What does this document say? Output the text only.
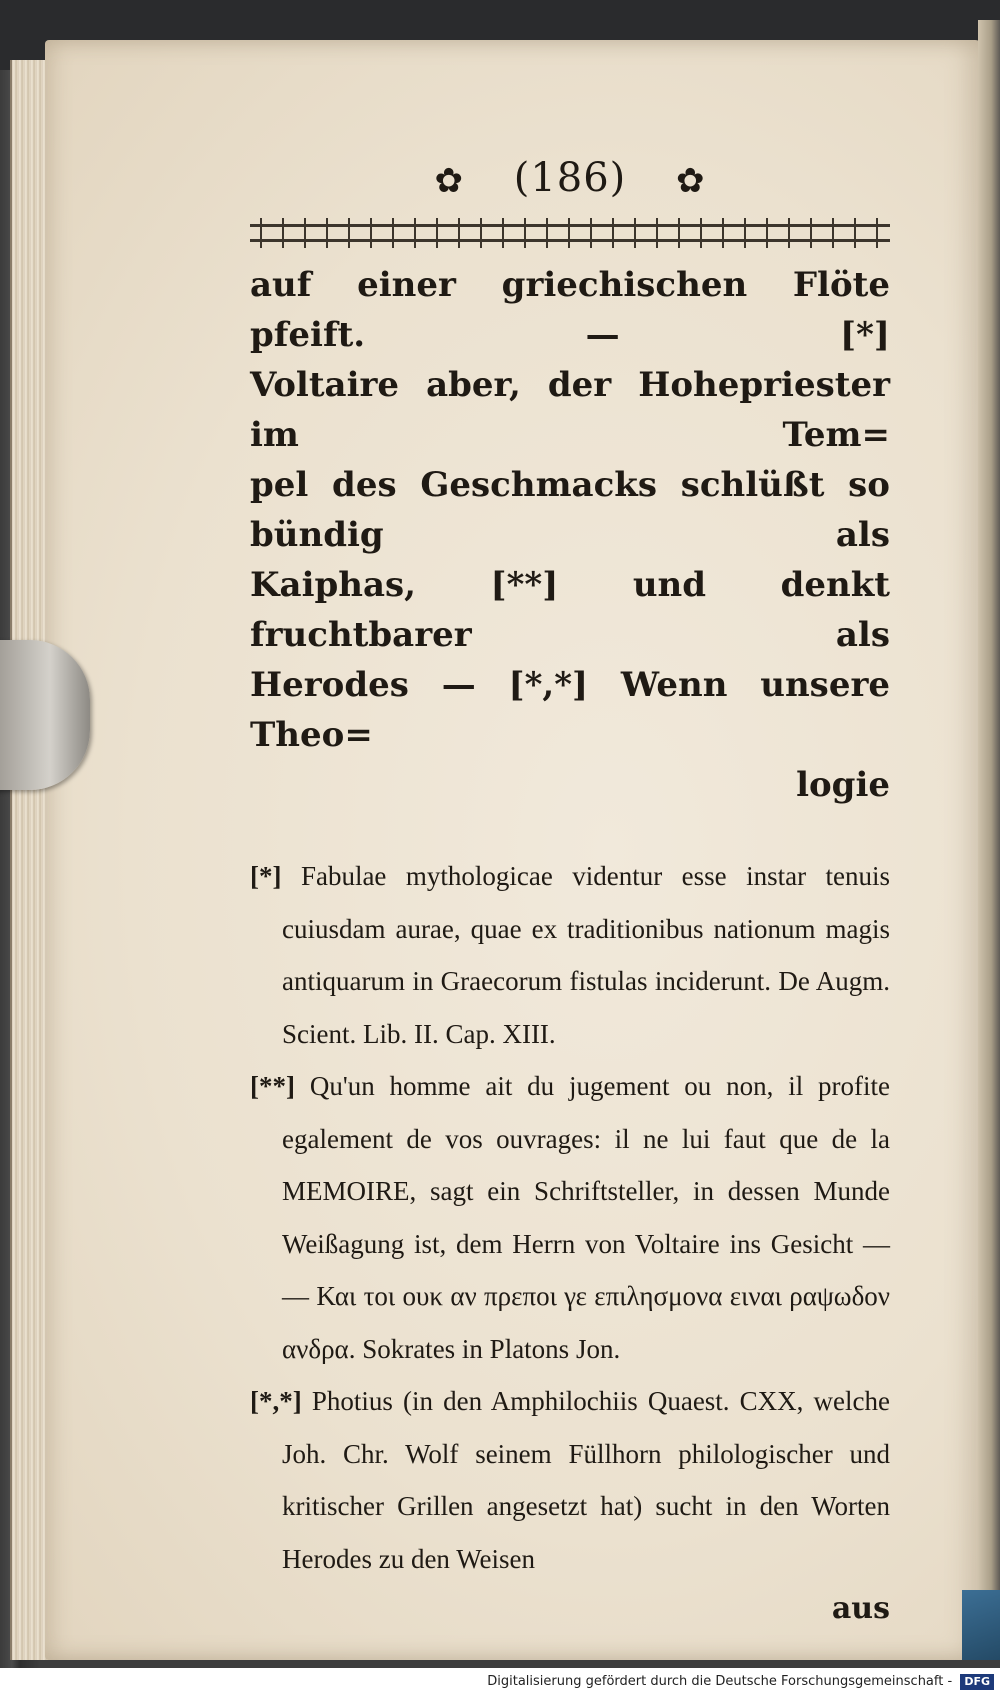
✿ (186) ✿

auf einer griechischen Flöte pfeift. — [*]

Voltaire aber, der Hohepriester im Tem=

pel des Geschmacks schlüßt so bündig als

Kaiphas, [**] und denkt fruchtbarer als

Herodes — [*,*] Wenn unsere Theo=

logie

[*] Fabulae mythologicae videntur esse instar tenuis cuiusdam aurae, quae ex traditionibus nationum magis antiquarum in Graecorum fistulas inciderunt. De Augm. Scient. Lib. II. Cap. XIII.

[**] Qu'un homme ait du jugement ou non, il profite egalement de vos ouvrages: il ne lui faut que de la MEMOIRE, sagt ein Schriftsteller, in dessen Munde Weißagung ist, dem Herrn von Voltaire ins Gesicht — — Και τοι ουκ αν πρεποι γε επιλησμονα ειναι ραψωδον ανδρα. Sokrates in Platons Jon.

[*,*] Photius (in den Amphilochiis Quaest. CXX, welche Joh. Chr. Wolf seinem Füllhorn philologischer und kritischer Grillen angesetzt hat) sucht in den Worten Herodes zu den Weisen

aus
Digitalisierung gefördert durch die Deutsche Forschungsgemeinschaft - DFG
